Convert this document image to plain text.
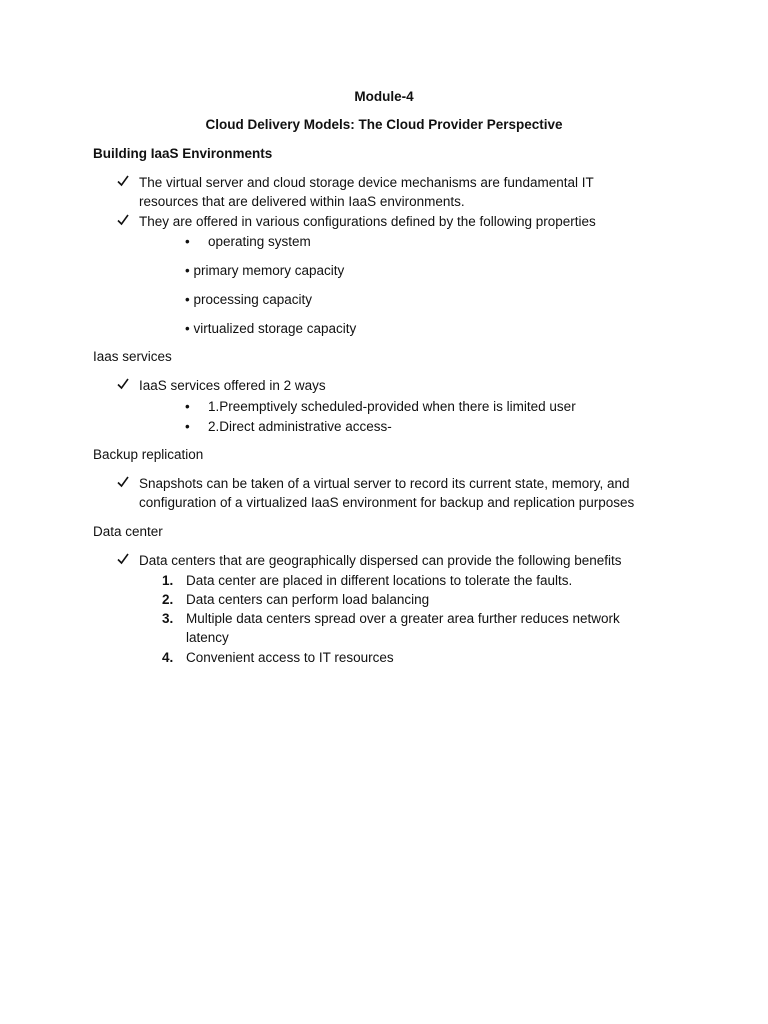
Module-4
Cloud Delivery Models: The Cloud Provider Perspective
Building IaaS Environments
The virtual server and cloud storage device mechanisms are fundamental IT
resources that are delivered within IaaS environments.
They are offered in various configurations defined by the following properties
• operating system
• primary memory capacity
• processing capacity
• virtualized storage capacity
Iaas services
IaaS services offered in 2 ways
• 1.Preemptively scheduled-provided when there is limited user
• 2.Direct administrative access-
Backup replication
Snapshots can be taken of a virtual server to record its current state, memory, and
configuration of a virtualized IaaS environment for backup and replication purposes
Data center
Data centers that are geographically dispersed can provide the following benefits
1. Data center are placed in different locations to tolerate the faults.
2. Data centers can perform load balancing
3. Multiple data centers spread over a greater area further reduces network
latency
4. Convenient access to IT resources
